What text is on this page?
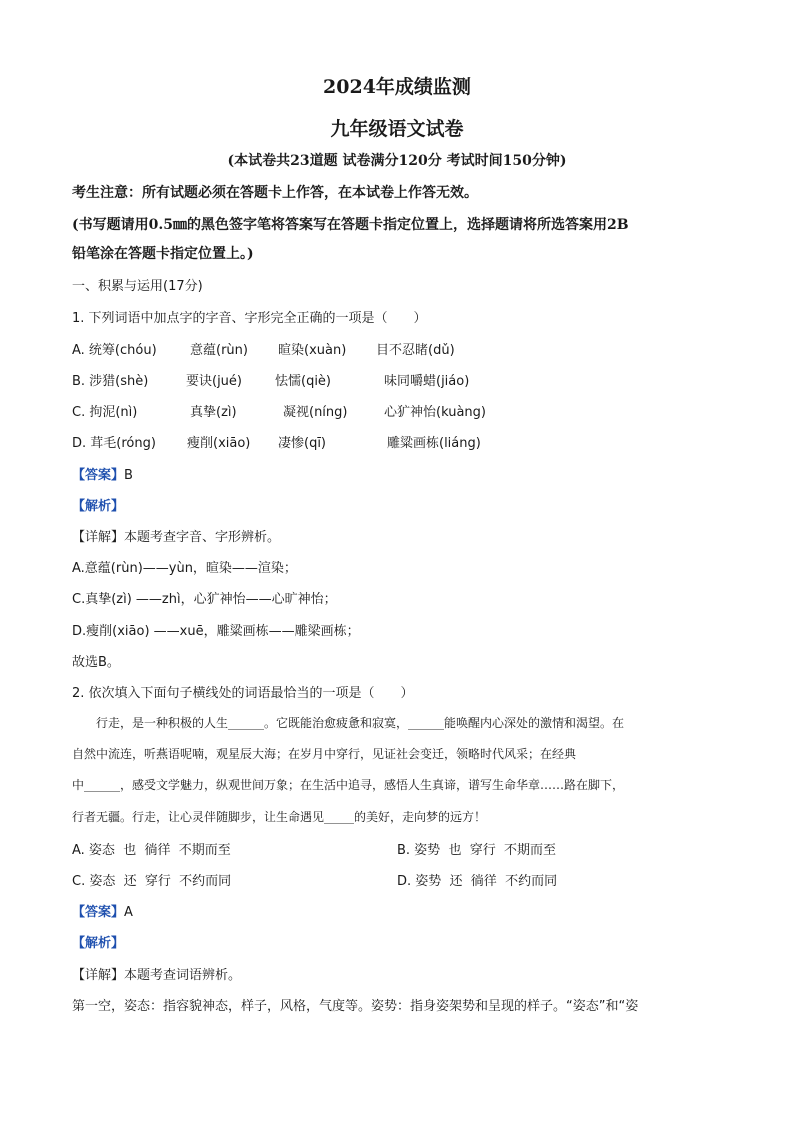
2024年成绩监测
九年级语文试卷
(本试卷共23道题 试卷满分120分 考试时间150分钟)
考生注意：所有试题必须在答题卡上作答，在本试卷上作答无效。
(书写题请用0.5㎜的黑色签字笔将答案写在答题卡指定位置上，选择题请将所选答案用2B
铅笔涂在答题卡指定位置上。)
一、积累与运用(17分)
1. 下列词语中加点字的字音、字形完全正确的一项是（　　）
A. 统筹(chóu)	意蕴(rùn) 暄染(xuàn) 目不忍睹(dǔ)
B. 涉猎(shè)	要诀(jué)	怯懦(qiè)	味同嚼蜡(jiáo)
C. 拘泥(nì)	真挚(zì)	凝视(níng)	心犷神怡(kuàng)
D. 茸毛(róng) 瘦削(xiāo) 凄惨(qī)	雕粱画栋(liáng)
【答案】B
【解析】
【详解】本题考查字音、字形辨析。
A.意蕴(rùn)——yùn，暄染——渲染；
C.真挚(zì) ——zhì，心犷神怡——心旷神怡；
D.瘦削(xiāo) ——xuē，雕粱画栋——雕梁画栋；
故选B。
2. 依次填入下面句子横线处的词语最恰当的一项是（　　）
　　行走，是一种积极的人生______。它既能治愈疲惫和寂寞，______能唤醒内心深处的激情和渴望。在
自然中流连，听燕语呢喃，观星辰大海；在岁月中穿行，见证社会变迁，领略时代风采；在经典
中______，感受文学魅力，纵观世间万象；在生活中追寻，感悟人生真谛，谱写生命华章……路在脚下，
行者无疆。行走，让心灵伴随脚步，让生命遇见_____的美好，走向梦的远方！
A. 姿态  也  徜徉  不期而至	B. 姿势  也  穿行  不期而至
C. 姿态  还  穿行  不约而同	D. 姿势  还  徜徉  不约而同
【答案】A
【解析】
【详解】本题考查词语辨析。
第一空，姿态：指容貌神态，样子，风格，气度等。姿势：指身姿架势和呈现的样子。“姿态”和“姿
